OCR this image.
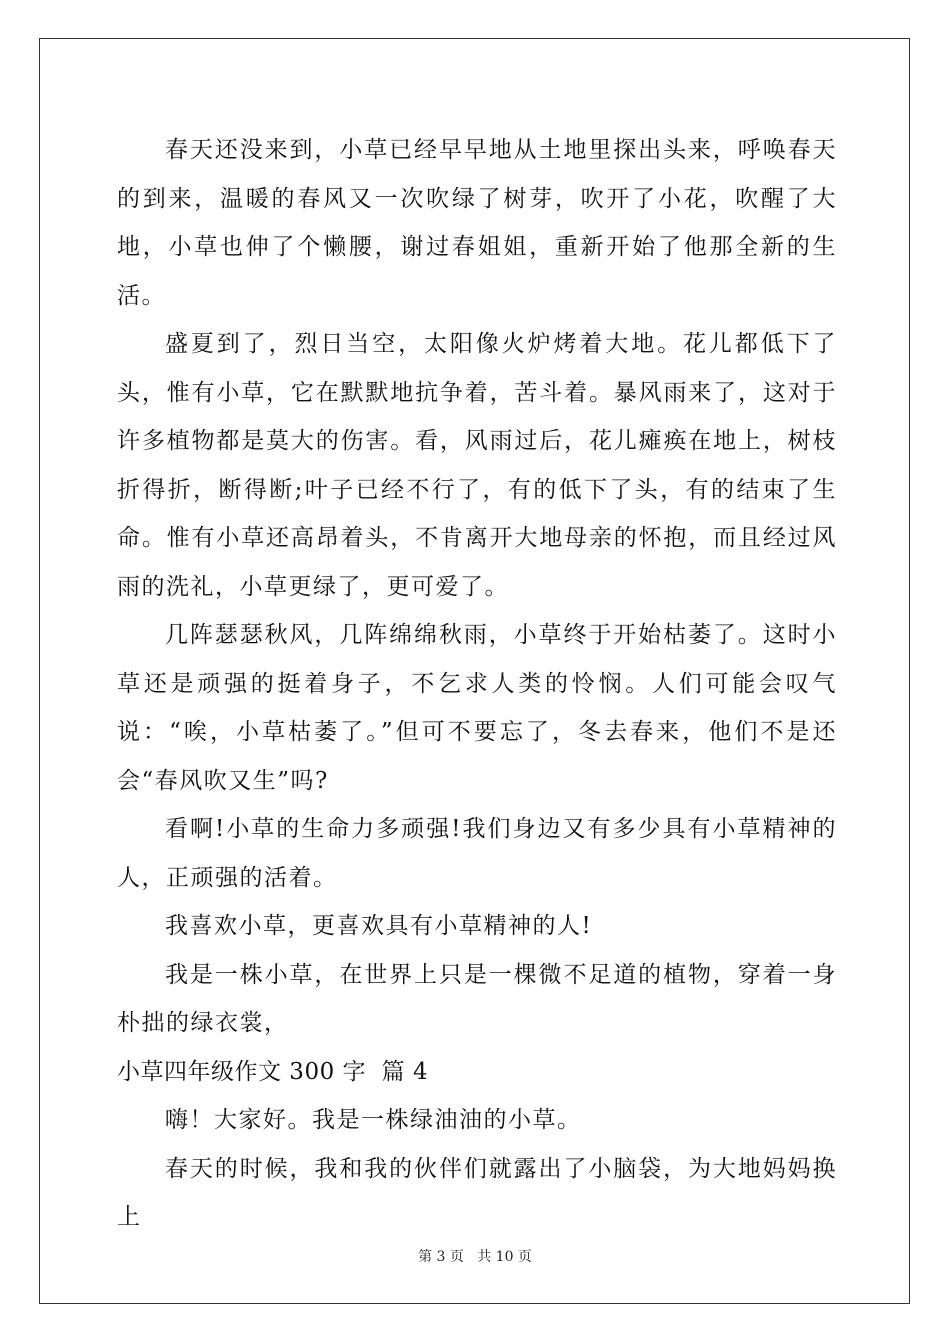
春天还没来到，小草已经早早地从土地里探出头来，呼唤春天的到来，温暖的春风又一次吹绿了树芽，吹开了小花，吹醒了大地，小草也伸了个懒腰，谢过春姐姐，重新开始了他那全新的生活。

盛夏到了，烈日当空，太阳像火炉烤着大地。花儿都低下了头，惟有小草，它在默默地抗争着，苦斗着。暴风雨来了，这对于许多植物都是莫大的伤害。看，风雨过后，花儿瘫痪在地上，树枝折得折，断得断;叶子已经不行了，有的低下了头，有的结束了生命。惟有小草还高昂着头，不肯离开大地母亲的怀抱，而且经过风雨的洗礼，小草更绿了，更可爱了。

几阵瑟瑟秋风，几阵绵绵秋雨，小草终于开始枯萎了。这时小草还是顽强的挺着身子，不乞求人类的怜悯。人们可能会叹气说：“唉，小草枯萎了。”但可不要忘了，冬去春来，他们不是还会“春风吹又生”吗?

看啊!小草的生命力多顽强!我们身边又有多少具有小草精神的人，正顽强的活着。

我喜欢小草，更喜欢具有小草精神的人!

我是一株小草，在世界上只是一棵微不足道的植物，穿着一身朴拙的绿衣裳，

小草四年级作文 300 字  篇 4

嗨！大家好。我是一株绿油油的小草。

春天的时候，我和我的伙伴们就露出了小脑袋，为大地妈妈换上

第 3 页   共 10 页
